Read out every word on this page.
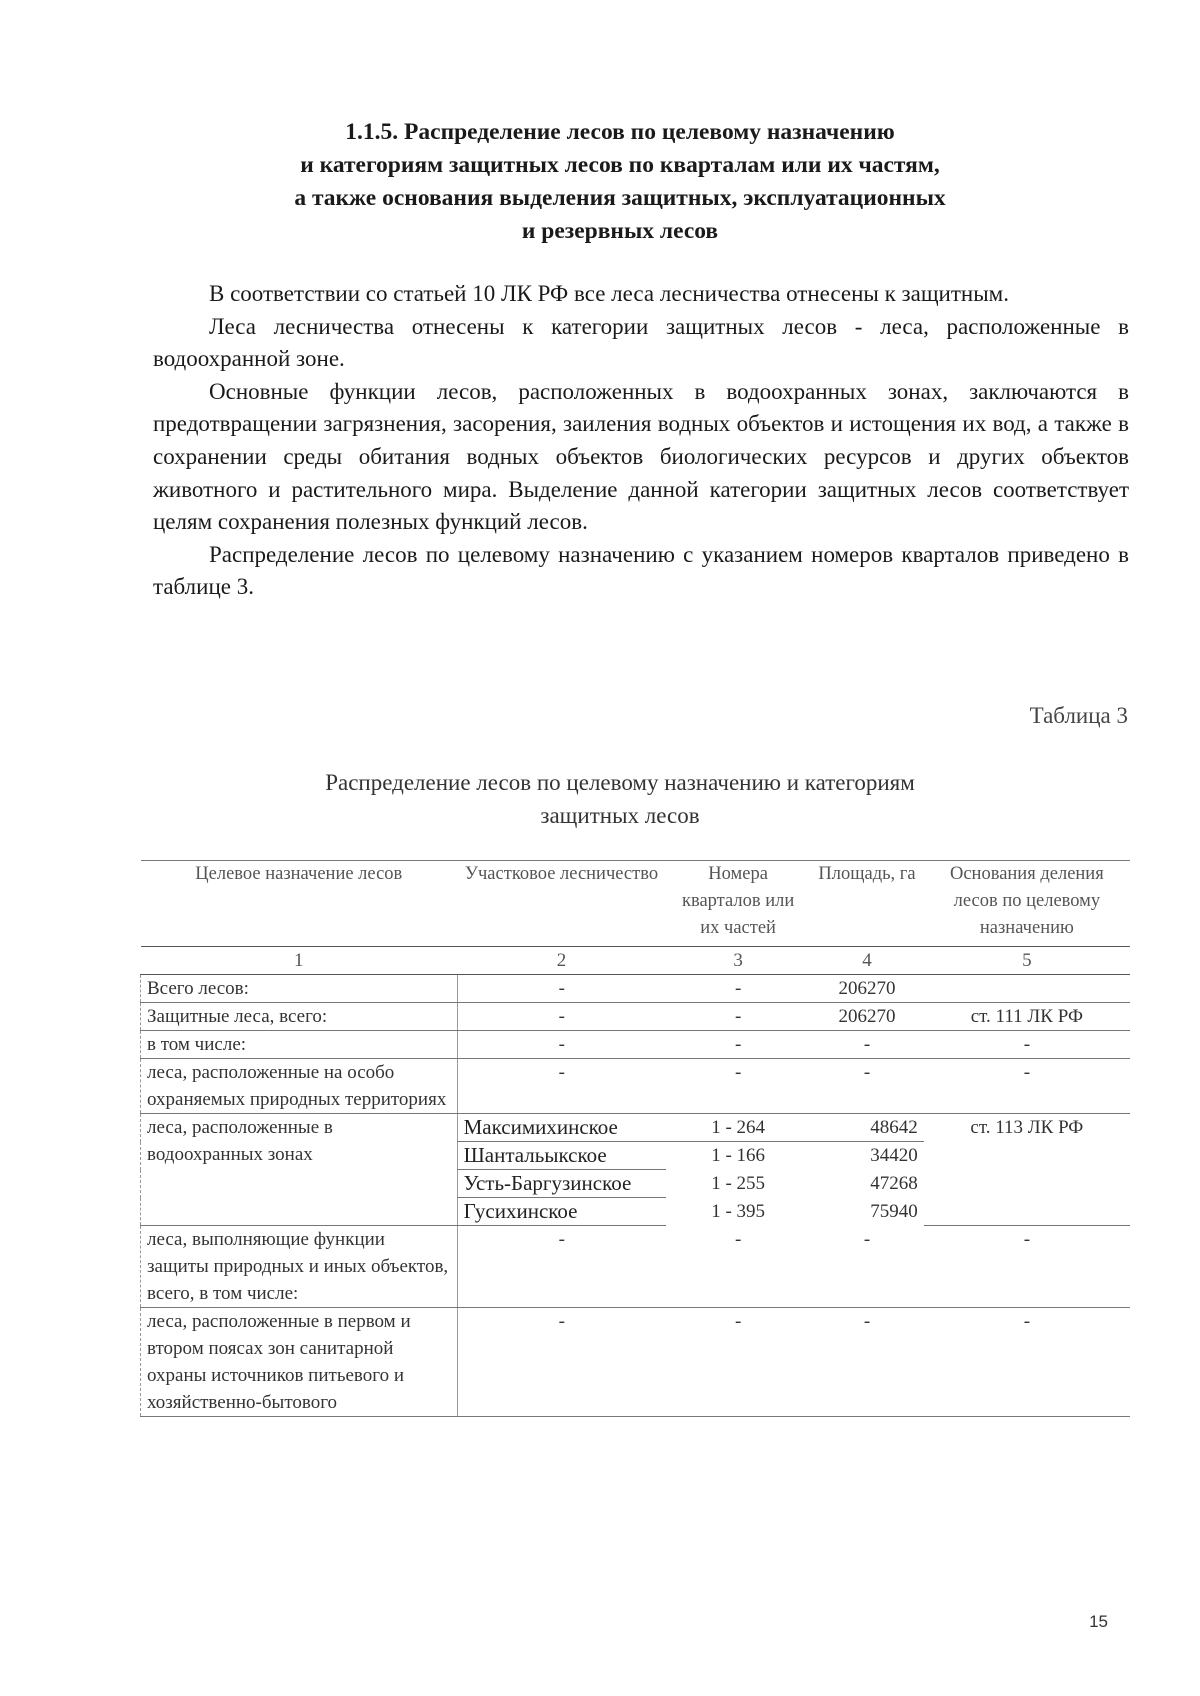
1.1.5. Распределение лесов по целевому назначению
и категориям защитных лесов по кварталам или их частям,
а также основания выделения защитных, эксплуатационных
и резервных лесов

В соответствии со статьей 10 ЛК РФ все леса лесничества отнесены к защитным.

Леса лесничества отнесены к категории защитных лесов - леса, расположенные в водоохранной зоне.

Основные функции лесов, расположенных в водоохранных зонах, заключаются в предотвращении загрязнения, засорения, заиления водных объектов и истощения их вод, а также в сохранении среды обитания водных объектов биологических ресурсов и других объектов животного и растительного мира. Выделение данной категории защитных лесов соответствует целям сохранения полезных функций лесов.

Распределение лесов по целевому назначению с указанием номеров кварталов приведено в таблице 3.

Таблица 3
Распределение лесов по целевому назначению и категориям
защитных лесов
Целевое назначение лесов	Участковое лесничество	Номера кварталов или их частей	Площадь, га	Основания деления лесов по целевому назначению
1	2	3	4	5
Всего лесов:	-	-	206270	
Защитные леса, всего:	-	-	206270	ст. 111 ЛК РФ
в том числе:	-	-	-	-
леса, расположенные на особо охраняемых природных территориях	-	-	-	-
леса, расположенные в водоохранных зонах	Максимихинское	1 - 264	48642	ст. 113 ЛК РФ
	Шантальыкское	1 - 166	34420	
	Усть-Баргузинское	1 - 255	47268	
	Гусихинское	1 - 395	75940	
леса, выполняющие функции защиты природных и иных объектов, всего, в том числе:	-	-	-	-
леса, расположенные в первом и втором поясах зон санитарной охраны источников питьевого и хозяйственно-бытового	-	-	-	-
15
